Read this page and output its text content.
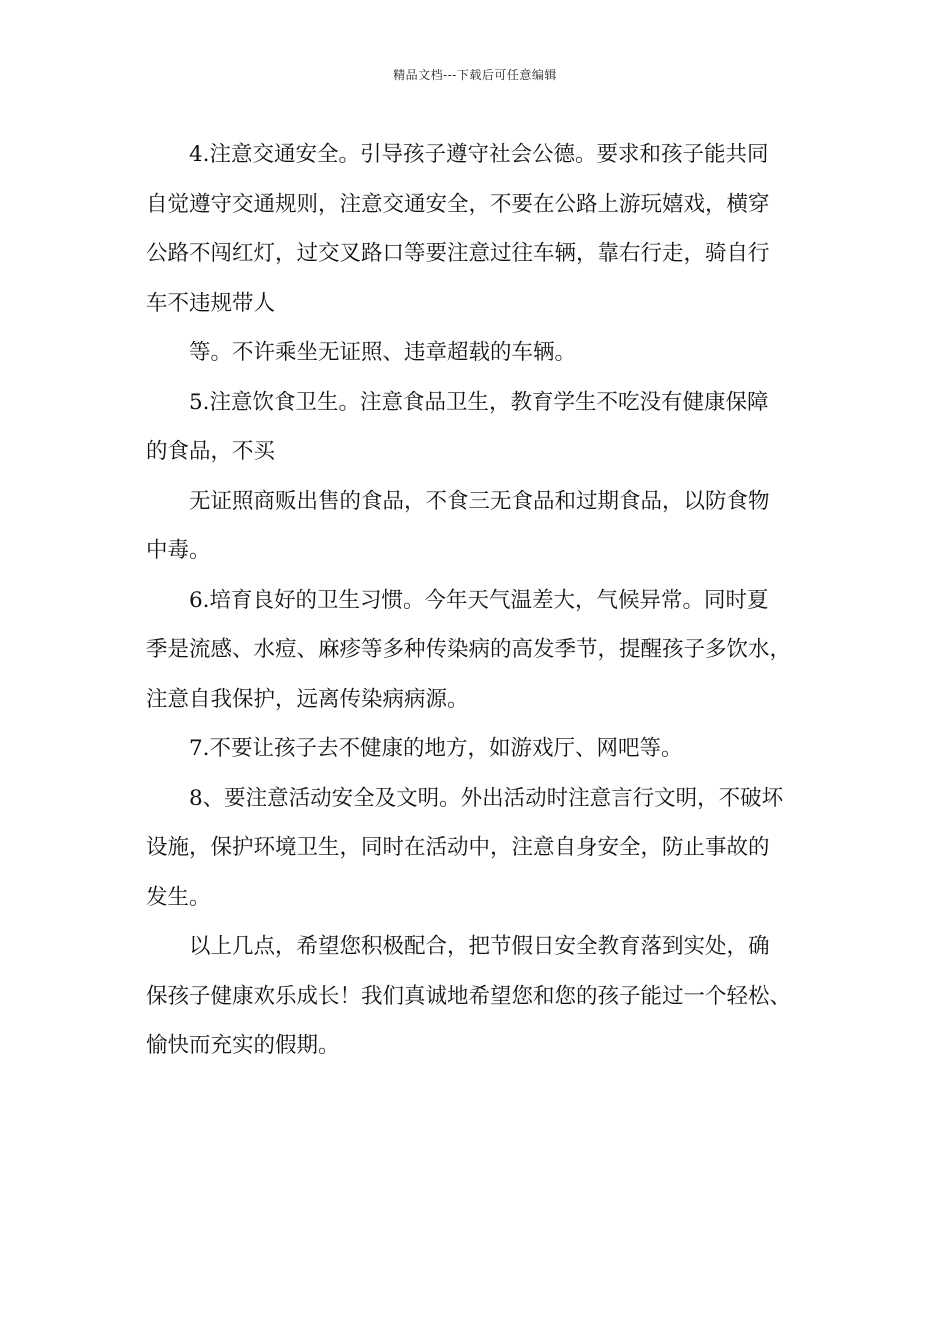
精品文档---下载后可任意编辑

4.注意交通安全。引导孩子遵守社会公德。要求和孩子能共同

自觉遵守交通规则，注意交通安全，不要在公路上游玩嬉戏，横穿

公路不闯红灯，过交叉路口等要注意过往车辆，靠右行走，骑自行

车不违规带人

等。不许乘坐无证照、违章超载的车辆。

5.注意饮食卫生。注意食品卫生，教育学生不吃没有健康保障

的食品，不买

无证照商贩出售的食品，不食三无食品和过期食品，以防食物

中毒。

6.培育良好的卫生习惯。今年天气温差大，气候异常。同时夏

季是流感、水痘、麻疹等多种传染病的高发季节，提醒孩子多饮水，

注意自我保护，远离传染病病源。

7.不要让孩子去不健康的地方，如游戏厅、网吧等。

8、要注意活动安全及文明。外出活动时注意言行文明，不破坏

设施，保护环境卫生，同时在活动中，注意自身安全，防止事故的

发生。

以上几点，希望您积极配合，把节假日安全教育落到实处，确

保孩子健康欢乐成长！我们真诚地希望您和您的孩子能过一个轻松、

愉快而充实的假期。
